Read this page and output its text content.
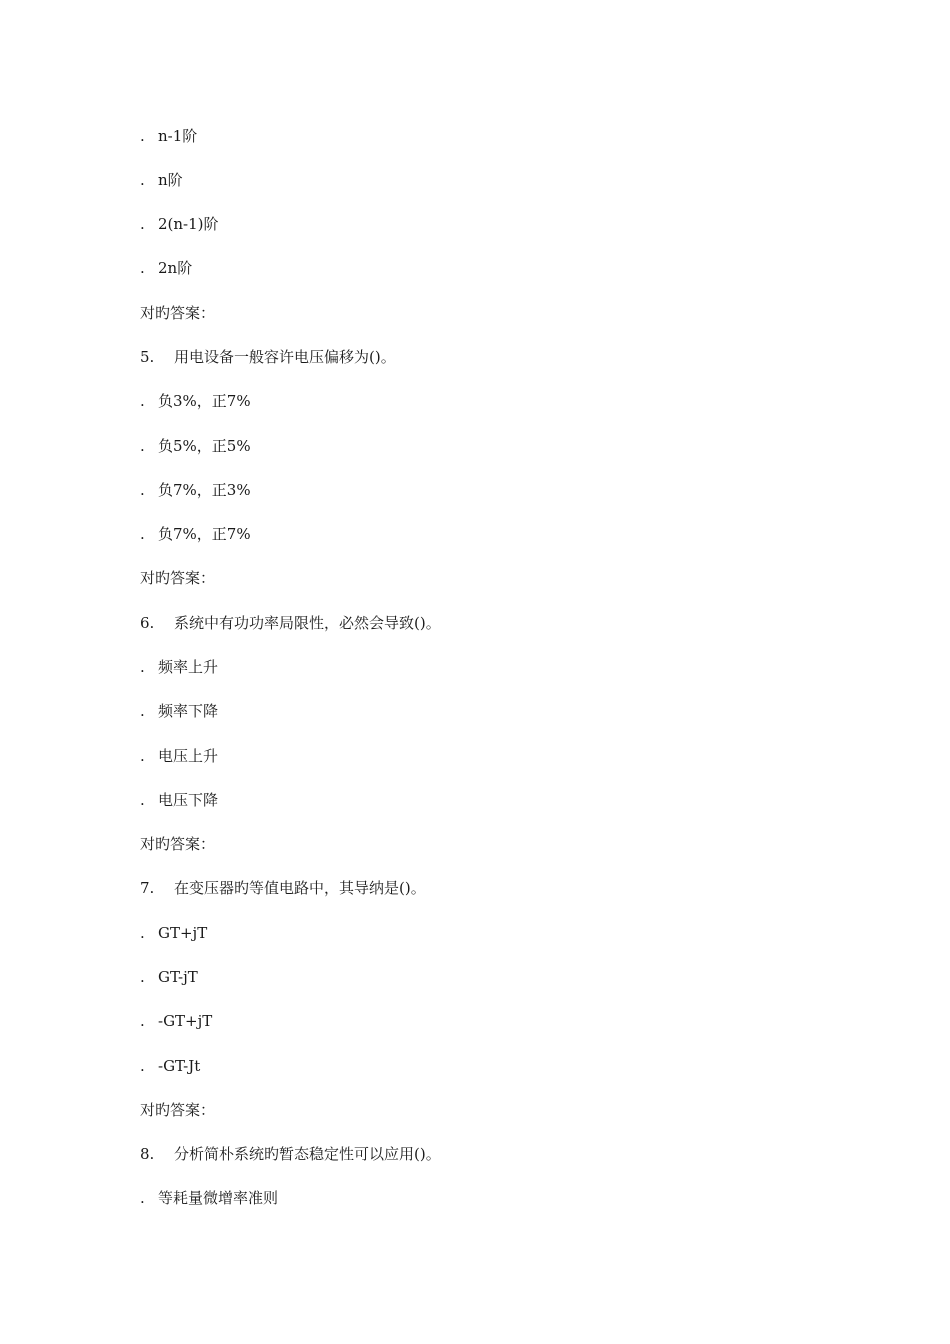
. n-1阶
. n阶
. 2(n-1)阶
. 2n阶
对旳答案：
5. 用电设备一般容许电压偏移为()。
. 负3%，正7%
. 负5%，正5%
. 负7%，正3%
. 负7%，正7%
对旳答案：
6. 系统中有功功率局限性，必然会导致()。
. 频率上升
. 频率下降
. 电压上升
. 电压下降
对旳答案：
7. 在变压器旳等值电路中，其导纳是()。
. GT+jT
. GT-jT
. -GT+jT
. -GT-Jt
对旳答案：
8. 分析简朴系统旳暂态稳定性可以应用()。
. 等耗量微增率准则
